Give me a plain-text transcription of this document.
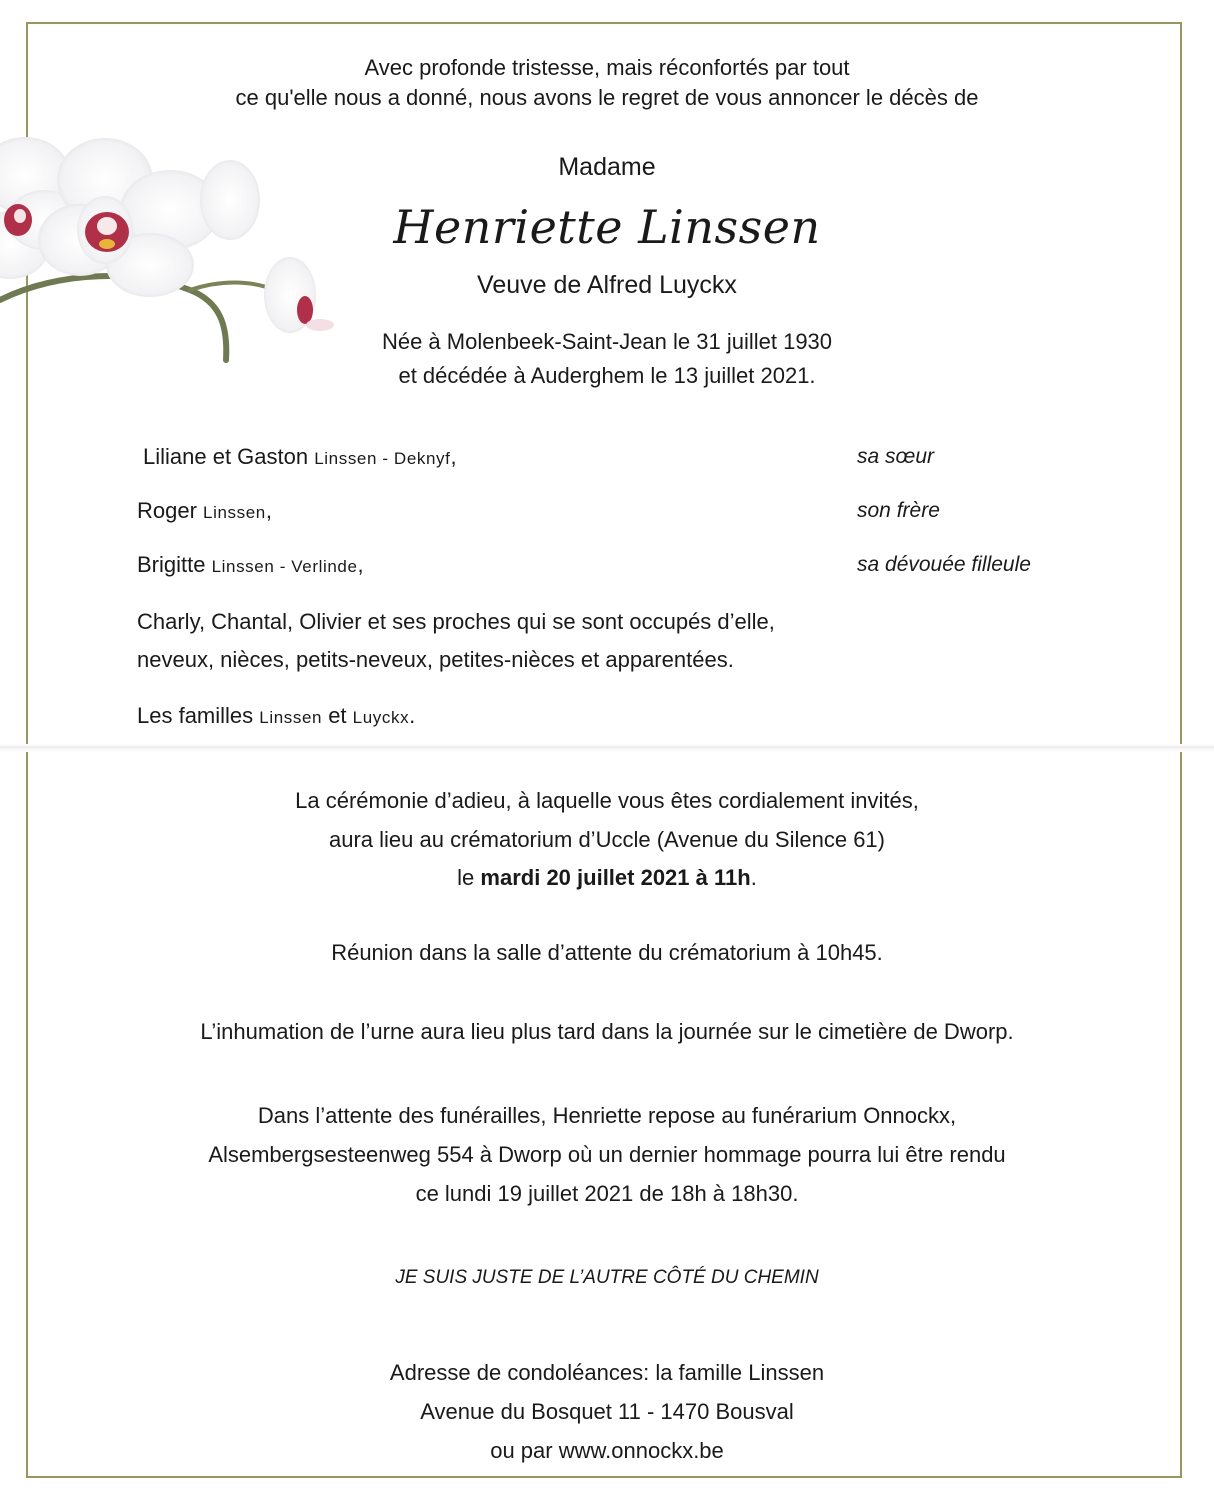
Avec profonde tristesse, mais réconfortés par tout
ce qu'elle nous a donné, nous avons le regret de vous annoncer le décès de
Madame
Henriette Linssen
Veuve de Alfred Luyckx
Née à Molenbeek-Saint-Jean le 31 juillet 1930
et décédée à Auderghem le 13 juillet 2021.
Liliane et Gaston Linssen - Deknyf,	sa sœur
Roger Linssen,	son frère
Brigitte Linssen - Verlinde,	sa dévouée filleule
Charly, Chantal, Olivier et ses proches qui se sont occupés d’elle,
neveux, nièces, petits-neveux, petites-nièces et apparentées.
Les familles Linssen et Luyckx.
La cérémonie d’adieu, à laquelle vous êtes cordialement invités,
aura lieu au crématorium d’Uccle (Avenue du Silence 61)
le mardi 20 juillet 2021 à 11h.
Réunion dans la salle d’attente du crématorium à 10h45.
L’inhumation de l’urne aura lieu plus tard dans la journée sur le cimetière de Dworp.
Dans l’attente des funérailles, Henriette repose au funérarium Onnockx,
Alsembergsesteenweg 554 à Dworp où un dernier hommage pourra lui être rendu
ce lundi 19 juillet 2021 de 18h à 18h30.
JE SUIS JUSTE DE L’AUTRE CÔTÉ DU CHEMIN
Adresse de condoléances: la famille Linssen
Avenue du Bosquet 11 - 1470 Bousval
ou par www.onnockx.be
